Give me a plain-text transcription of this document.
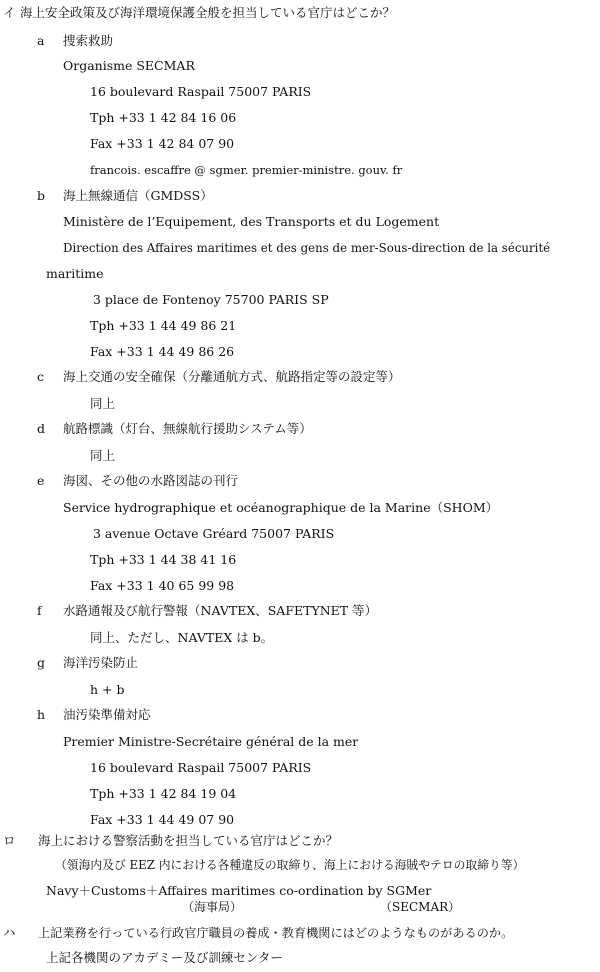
イ 海上安全政策及び海洋環境保護全般を担当している官庁はどこか？
a 捜索救助
Organisme SECMAR
16 boulevard Raspail 75007 PARIS
Tph +33 1 42 84 16 06
Fax +33 1 42 84 07 90
francois. escaffre @ sgmer. premier-ministre. gouv. fr
b 海上無線通信（GMDSS）
Ministère de l’Equipement, des Transports et du Logement
Direction des Affaires maritimes et des gens de mer-Sous-direction de la sécurité
maritime
3 place de Fontenoy 75700 PARIS SP
Tph +33 1 44 49 86 21
Fax +33 1 44 49 86 26
c 海上交通の安全確保（分離通航方式、航路指定等の設定等）
同上
d 航路標識（灯台、無線航行援助システム等）
同上
e 海図、その他の水路図誌の刊行
Service hydrographique et océanographique de la Marine（SHOM）
3 avenue Octave Gréard 75007 PARIS
Tph +33 1 44 38 41 16
Fax +33 1 40 65 99 98
f 水路通報及び航行警報（NAVTEX、SAFETYNET 等）
同上、ただし、NAVTEX は b。
g 海洋汚染防止
h + b
h 油汚染準備対応
Premier Ministre-Secrétaire général de la mer
16 boulevard Raspail 75007 PARIS
Tph +33 1 42 84 19 04
Fax +33 1 44 49 07 90
ロ 海上における警察活動を担当している官庁はどこか？
（領海内及び EEZ 内における各種違反の取締り、海上における海賊やテロの取締り等）
Navy＋Customs＋Affaires maritimes co-ordination by SGMer
（海事局）	（SECMAR）
ハ 上記業務を行っている行政官庁職員の養成・教育機関にはどのようなものがあるのか。
上記各機関のアカデミー及び訓練センター
